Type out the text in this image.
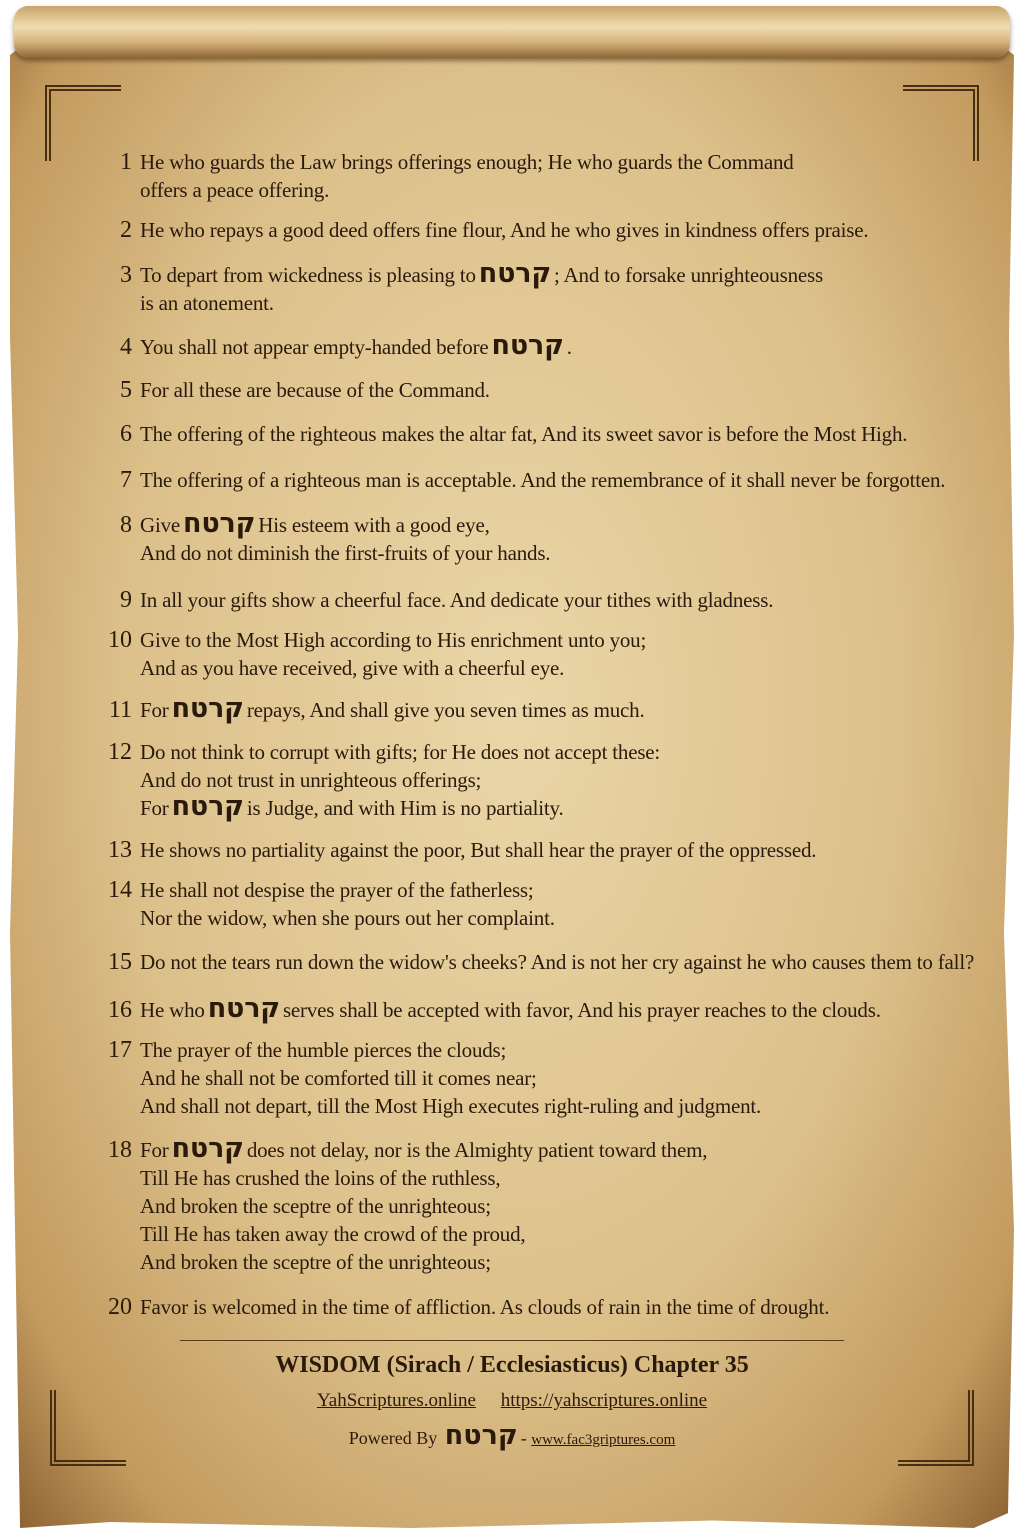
1 He who guards the Law brings offerings enough; He who guards the Command
offers a peace offering.
2 He who repays a good deed offers fine flour, And he who gives in kindness offers praise.
3 To depart from wickedness is pleasing to קרטח ; And to forsake unrighteousness
is an atonement.
4 You shall not appear empty-handed before קרטח .
5 For all these are because of the Command.
6 The offering of the righteous makes the altar fat, And its sweet savor is before the Most High.
7 The offering of a righteous man is acceptable. And the remembrance of it shall never be forgotten.
8 Give קרטח His esteem with a good eye,
And do not diminish the first-fruits of your hands.
9 In all your gifts show a cheerful face. And dedicate your tithes with gladness.
10 Give to the Most High according to His enrichment unto you;
And as you have received, give with a cheerful eye.
11 For קרטח repays, And shall give you seven times as much.
12 Do not think to corrupt with gifts; for He does not accept these:
And do not trust in unrighteous offerings;
For קרטח is Judge, and with Him is no partiality.
13 He shows no partiality against the poor, But shall hear the prayer of the oppressed.
14 He shall not despise the prayer of the fatherless;
Nor the widow, when she pours out her complaint.
15 Do not the tears run down the widow's cheeks? And is not her cry against he who causes them to fall?
16 He who קרטח serves shall be accepted with favor, And his prayer reaches to the clouds.
17 The prayer of the humble pierces the clouds;
And he shall not be comforted till it comes near;
And shall not depart, till the Most High executes right-ruling and judgment.
18 For קרטח does not delay, nor is the Almighty patient toward them,
Till He has crushed the loins of the ruthless,
And broken the sceptre of the unrighteous;
Till He has taken away the crowd of the proud,
And broken the sceptre of the unrighteous;
20 Favor is welcomed in the time of affliction. As clouds of rain in the time of drought.
WISDOM (Sirach / Ecclesiasticus) Chapter 35
YahScriptures.online https://yahscriptures.online
Powered By קרטח - www.fac3griptures.com
